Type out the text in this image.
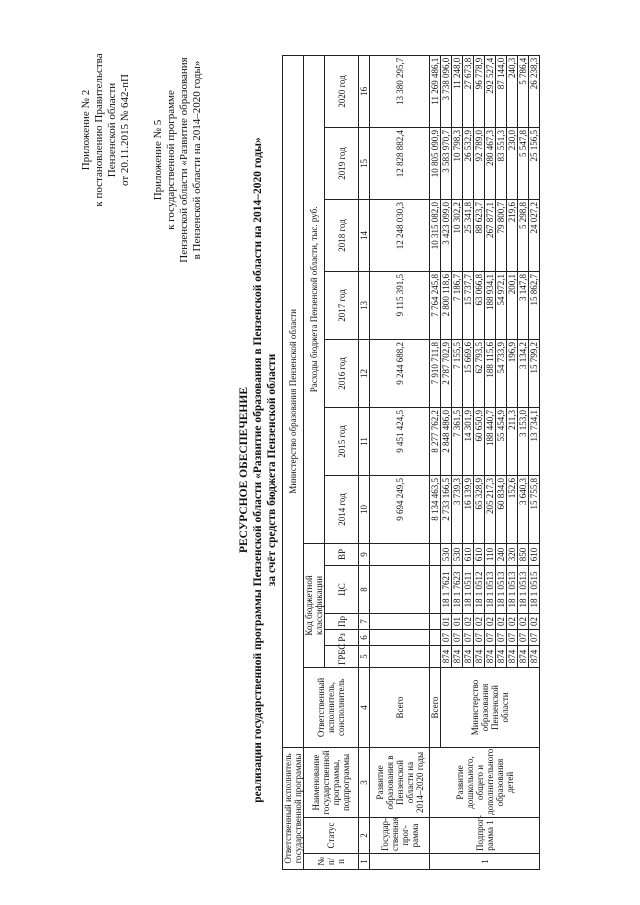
Приложение № 2 к постановлению Правительства Пензенской области от 20.11.2015 № 642-пП Приложение № 5 к государственной программе Пензенской области «Развитие образования в Пензенской области на 2014–2020 годы»
РЕСУРСНОЕ ОБЕСПЕЧЕНИЕ реализации государственной программы Пензенской области «Развитие образования в Пензенской области на 2014–2020 годы» за счёт средств бюджета Пензенской области
Ответственный исполнитель государственной программы			Министерство образования Пензенской области												
№ п/п	Статус	Наименование государственной программы, подпрограммы	Ответственный исполнитель, соисполнитель	Код бюджетной классификации					Расходы бюджета Пензенской области, тыс. руб.						
				ГРБС	Рз	Пр	ЦС	ВР	2014 год	2015 год	2016 год	2017 год	2018 год	2019 год	2020 год

1	2	3	4	5	6	7	8	9	10	11	12	13	14	15	16
	Государ-ственная прог-рамма	Развитие образования в Пензенской области на 2014–2020 годы	Всего						9 694 249,5	9 451 424,5	9 244 688,2	9 115 391,5	12 248 030,3	12 828 882,4	13 380 295,7
1	Подпрог-рамма 1	Развитие дошкольного, общего и дополнительного образования детей	Всего						8 134 463,5	8 277 762,2	7 910 711,8	7 764 245,8	10 315 082,0	10 805 090,9	11 269 486,1
			Министерство образования Пензенской области	874	07	01	18 1 7621	530	2 733 166,5	2 848 486,0	2 787 702,9	2 800 118,6	3 423 099,0	3 583 970,7	3 738 096,0
				874	07	01	18 1 7623	530	3 739,3	7 361,5	7 155,5	7 186,7	10 302,2	10 798,3	11 248,0
				874	07	02	18 1 0511	610	16 139,9	14 301,9	15 669,6	15 737,7	25 341,8	26 532,9	27 673,8
				874	07	02	18 1 0512	610	65 328,9	60 650,9	62 793,5	63 066,8	88 623,7	92 789,0	96 778,9
				874	07	02	18 1 0513	110	205 217,3	188 440,7	188 115,6	188 934,1	267 877,1	280 467,3	292 527,4
				874	07	02	18 1 0513	240	60 834,0	55 454,9	54 733,9	54 972,1	79 800,7	83 551,3	87 144,0
				874	07	02	18 1 0513	320	152,6	211,3	196,9	200,1	219,6	230,0	240,3
				874	07	02	18 1 0513	850	3 640,3	3 153,0	3 134,2	3 147,8	5 298,8	5 547,8	5 786,4
				874	07	02	18 1 0515	610	15 755,8	13 734,1	15 799,2	15 862,7	24 027,2	25 156,5	26 238,3
